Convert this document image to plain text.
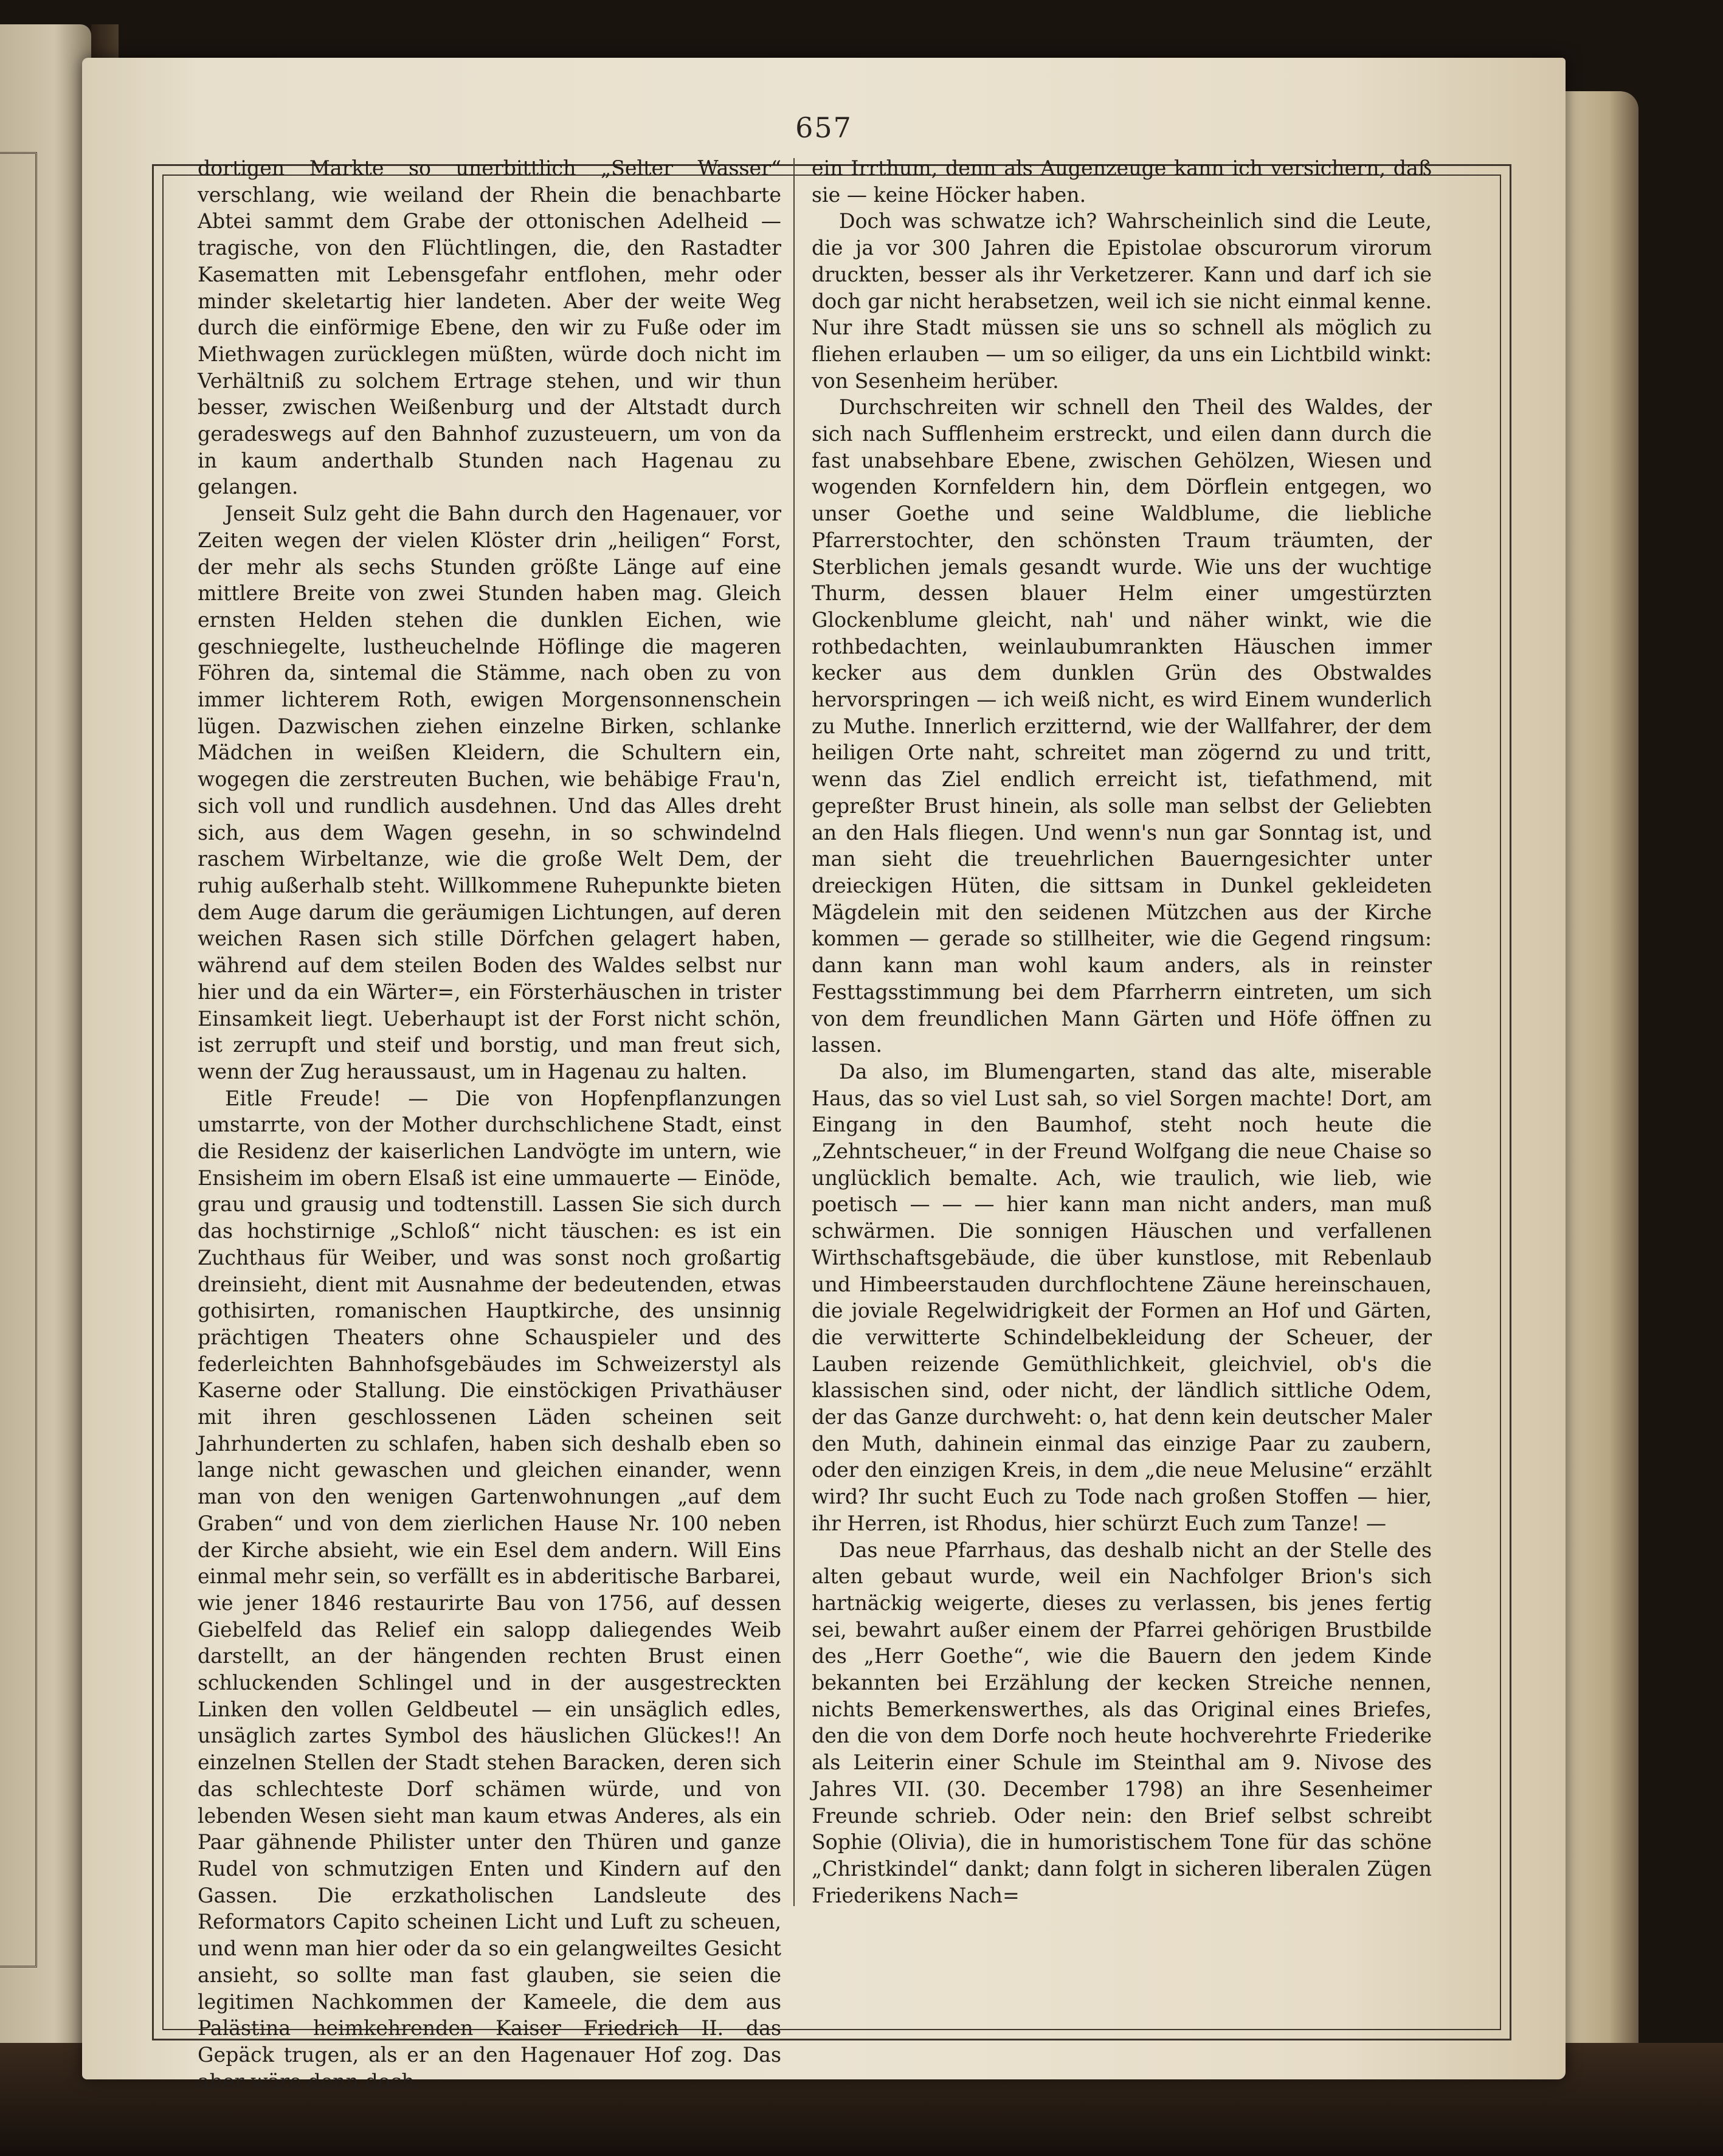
657

dortigen Markte so unerbittlich „Selter Wasser“ verschlang, wie weiland der Rhein die benachbarte Abtei sammt dem Grabe der ottonischen Adelheid — tragische, von den Flüchtlingen, die, den Rastadter Kasematten mit Lebensgefahr entflohen, mehr oder minder skeletartig hier landeten. Aber der weite Weg durch die einförmige Ebene, den wir zu Fuße oder im Miethwagen zurücklegen müßten, würde doch nicht im Verhältniß zu solchem Ertrage stehen, und wir thun besser, zwischen Weißenburg und der Altstadt durch geradeswegs auf den Bahnhof zuzusteuern, um von da in kaum anderthalb Stunden nach Hagenau zu gelangen.

Jenseit Sulz geht die Bahn durch den Hagenauer, vor Zeiten wegen der vielen Klöster drin „heiligen“ Forst, der mehr als sechs Stunden größte Länge auf eine mittlere Breite von zwei Stunden haben mag. Gleich ernsten Helden stehen die dunklen Eichen, wie geschniegelte, lustheuchelnde Höflinge die mageren Föhren da, sintemal die Stämme, nach oben zu von immer lichterem Roth, ewigen Morgensonnenschein lügen. Dazwischen ziehen einzelne Birken, schlanke Mädchen in weißen Kleidern, die Schultern ein, wogegen die zerstreuten Buchen, wie behäbige Frau'n, sich voll und rundlich ausdehnen. Und das Alles dreht sich, aus dem Wagen gesehn, in so schwindelnd raschem Wirbeltanze, wie die große Welt Dem, der ruhig außerhalb steht. Willkommene Ruhepunkte bieten dem Auge darum die geräumigen Lichtungen, auf deren weichen Rasen sich stille Dörfchen gelagert haben, während auf dem steilen Boden des Waldes selbst nur hier und da ein Wärter=, ein Försterhäuschen in trister Einsamkeit liegt. Ueberhaupt ist der Forst nicht schön, ist zerrupft und steif und borstig, und man freut sich, wenn der Zug heraussaust, um in Hagenau zu halten.

Eitle Freude! — Die von Hopfenpflanzungen umstarrte, von der Mother durchschlichene Stadt, einst die Residenz der kaiserlichen Landvögte im untern, wie Ensisheim im obern Elsaß ist eine ummauerte — Einöde, grau und grausig und todtenstill. Lassen Sie sich durch das hochstirnige „Schloß“ nicht täuschen: es ist ein Zuchthaus für Weiber, und was sonst noch großartig dreinsieht, dient mit Ausnahme der bedeutenden, etwas gothisirten, romanischen Hauptkirche, des unsinnig prächtigen Theaters ohne Schauspieler und des federleichten Bahnhofsgebäudes im Schweizerstyl als Kaserne oder Stallung. Die einstöckigen Privathäuser mit ihren geschlossenen Läden scheinen seit Jahrhunderten zu schlafen, haben sich deshalb eben so lange nicht gewaschen und gleichen einander, wenn man von den wenigen Gartenwohnungen „auf dem Graben“ und von dem zierlichen Hause Nr. 100 neben der Kirche absieht, wie ein Esel dem andern. Will Eins einmal mehr sein, so verfällt es in abderitische Barbarei, wie jener 1846 restaurirte Bau von 1756, auf dessen Giebelfeld das Relief ein salopp daliegendes Weib darstellt, an der hängenden rechten Brust einen schluckenden Schlingel und in der ausgestreckten Linken den vollen Geldbeutel — ein unsäglich edles, unsäglich zartes Symbol des häuslichen Glückes!! An einzelnen Stellen der Stadt stehen Baracken, deren sich das schlechteste Dorf schämen würde, und von lebenden Wesen sieht man kaum etwas Anderes, als ein Paar gähnende Philister unter den Thüren und ganze Rudel von schmutzigen Enten und Kindern auf den Gassen. Die erzkatholischen Landsleute des Reformators Capito scheinen Licht und Luft zu scheuen, und wenn man hier oder da so ein gelangweiltes Gesicht ansieht, so sollte man fast glauben, sie seien die legitimen Nachkommen der Kameele, die dem aus Palästina heimkehrenden Kaiser Friedrich II. das Gepäck trugen, als er an den Hagenauer Hof zog. Das aber wäre denn doch

ein Irrthum, denn als Augenzeuge kann ich versichern, daß sie — keine Höcker haben.

Doch was schwatze ich? Wahrscheinlich sind die Leute, die ja vor 300 Jahren die Epistolae obscurorum virorum druckten, besser als ihr Verketzerer. Kann und darf ich sie doch gar nicht herabsetzen, weil ich sie nicht einmal kenne. Nur ihre Stadt müssen sie uns so schnell als möglich zu fliehen erlauben — um so eiliger, da uns ein Lichtbild winkt: von Sesenheim herüber.

Durchschreiten wir schnell den Theil des Waldes, der sich nach Sufflenheim erstreckt, und eilen dann durch die fast unabsehbare Ebene, zwischen Gehölzen, Wiesen und wogenden Kornfeldern hin, dem Dörflein entgegen, wo unser Goethe und seine Waldblume, die liebliche Pfarrerstochter, den schönsten Traum träumten, der Sterblichen jemals gesandt wurde. Wie uns der wuchtige Thurm, dessen blauer Helm einer umgestürzten Glockenblume gleicht, nah' und näher winkt, wie die rothbedachten, weinlaubumrankten Häuschen immer kecker aus dem dunklen Grün des Obstwaldes hervorspringen — ich weiß nicht, es wird Einem wunderlich zu Muthe. Innerlich erzitternd, wie der Wallfahrer, der dem heiligen Orte naht, schreitet man zögernd zu und tritt, wenn das Ziel endlich erreicht ist, tiefathmend, mit gepreßter Brust hinein, als solle man selbst der Geliebten an den Hals fliegen. Und wenn's nun gar Sonntag ist, und man sieht die treuehrlichen Bauerngesichter unter dreieckigen Hüten, die sittsam in Dunkel gekleideten Mägdelein mit den seidenen Mützchen aus der Kirche kommen — gerade so stillheiter, wie die Gegend ringsum: dann kann man wohl kaum anders, als in reinster Festtagsstimmung bei dem Pfarrherrn eintreten, um sich von dem freundlichen Mann Gärten und Höfe öffnen zu lassen.

Da also, im Blumengarten, stand das alte, miserable Haus, das so viel Lust sah, so viel Sorgen machte! Dort, am Eingang in den Baumhof, steht noch heute die „Zehntscheuer,“ in der Freund Wolfgang die neue Chaise so unglücklich bemalte. Ach, wie traulich, wie lieb, wie poetisch — — — hier kann man nicht anders, man muß schwärmen. Die sonnigen Häuschen und verfallenen Wirthschaftsgebäude, die über kunstlose, mit Rebenlaub und Himbeerstauden durchflochtene Zäune hereinschauen, die joviale Regelwidrigkeit der Formen an Hof und Gärten, die verwitterte Schindelbekleidung der Scheuer, der Lauben reizende Gemüthlichkeit, gleichviel, ob's die klassischen sind, oder nicht, der ländlich sittliche Odem, der das Ganze durchweht: o, hat denn kein deutscher Maler den Muth, dahinein einmal das einzige Paar zu zaubern, oder den einzigen Kreis, in dem „die neue Melusine“ erzählt wird? Ihr sucht Euch zu Tode nach großen Stoffen — hier, ihr Herren, ist Rhodus, hier schürzt Euch zum Tanze! —

Das neue Pfarrhaus, das deshalb nicht an der Stelle des alten gebaut wurde, weil ein Nachfolger Brion's sich hartnäckig weigerte, dieses zu verlassen, bis jenes fertig sei, bewahrt außer einem der Pfarrei gehörigen Brustbilde des „Herr Goethe“, wie die Bauern den jedem Kinde bekannten bei Erzählung der kecken Streiche nennen, nichts Bemerkenswerthes, als das Original eines Briefes, den die von dem Dorfe noch heute hochverehrte Friederike als Leiterin einer Schule im Steinthal am 9. Nivose des Jahres VII. (30. December 1798) an ihre Sesenheimer Freunde schrieb. Oder nein: den Brief selbst schreibt Sophie (Olivia), die in humoristischem Tone für das schöne „Christkindel“ dankt; dann folgt in sicheren liberalen Zügen Friederikens Nach=
